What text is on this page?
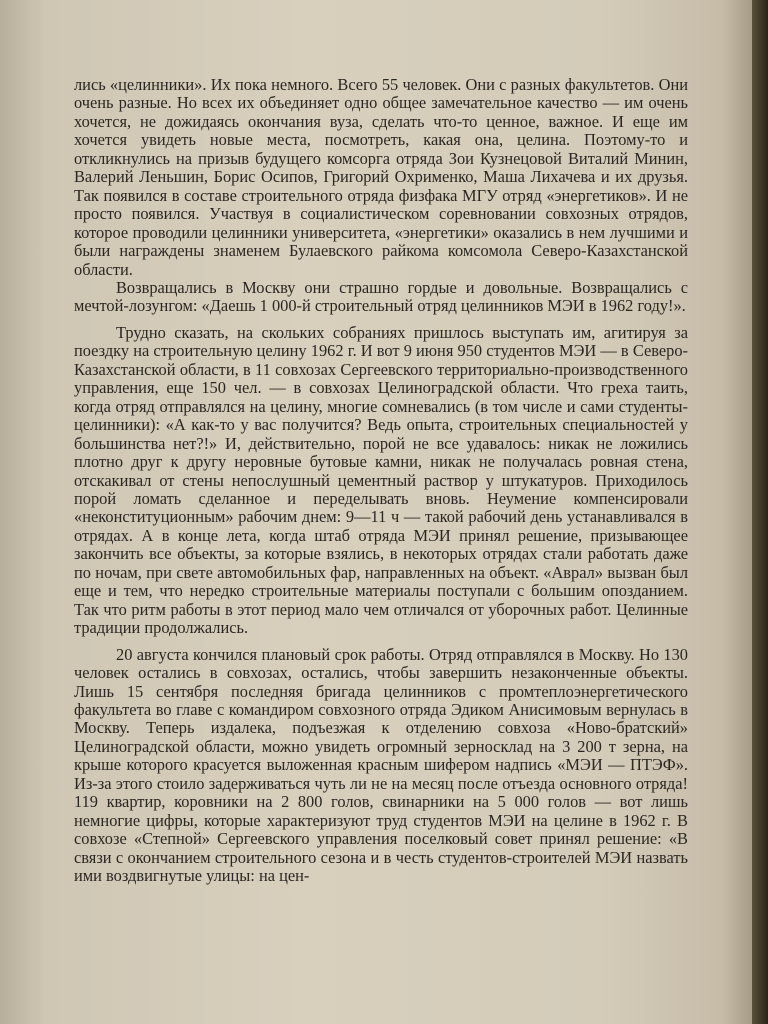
лись «целинники». Их пока немного. Всего 55 человек. Они с разных факультетов. Они очень разные. Но всех их объединяет одно общее замечательное качество — им очень хочется, не дожидаясь окончания вуза, сделать что-то ценное, важное. И еще им хочется увидеть новые места, посмотреть, какая она, целина. Поэтому-то и откликнулись на призыв будущего комсорга отряда Зои Кузнецовой Виталий Минин, Валерий Леньшин, Борис Осипов, Григорий Охрименко, Маша Лихачева и их друзья. Так появился в составе строительного отряда физфака МГУ отряд «энергетиков». И не просто появился. Участвуя в социалистическом соревновании совхозных отрядов, которое проводили целинники университета, «энергетики» оказались в нем лучшими и были награждены знаменем Булаевского райкома комсомола Северо-Казахстанской области.

Возвращались в Москву они страшно гордые и довольные. Возвращались с мечтой-лозунгом: «Даешь 1 000-й строительный отряд целинников МЭИ в 1962 году!».

Трудно сказать, на скольких собраниях пришлось выступать им, агитируя за поездку на строительную целину 1962 г. И вот 9 июня 950 студентов МЭИ — в Северо-Казахстанской области, в 11 совхозах Сергеевского территориально-производственного управления, еще 150 чел. — в совхозах Целиноградской области. Что греха таить, когда отряд отправлялся на целину, многие сомневались (в том числе и сами студенты-целинники): «А как-то у вас получится? Ведь опыта, строительных специальностей у большинства нет?!» И, действительно, порой не все удавалось: никак не ложились плотно друг к другу неровные бутовые камни, никак не получалась ровная стена, отскакивал от стены непослушный цементный раствор у штукатуров. Приходилось порой ломать сделанное и переделывать вновь. Неумение компенсировали «неконституционным» рабочим днем: 9—11 ч — такой рабочий день устанавливался в отрядах. А в конце лета, когда штаб отряда МЭИ принял решение, призывающее закончить все объекты, за которые взялись, в некоторых отрядах стали работать даже по ночам, при свете автомобильных фар, направленных на объект. «Аврал» вызван был еще и тем, что нередко строительные материалы поступали с большим опозданием. Так что ритм работы в этот период мало чем отличался от уборочных работ. Целинные традиции продолжались.

20 августа кончился плановый срок работы. Отряд отправлялся в Москву. Но 130 человек остались в совхозах, остались, чтобы завершить незаконченные объекты. Лишь 15 сентября последняя бригада целинников с промтеплоэнергетического факультета во главе с командиром совхозного отряда Эдиком Анисимовым вернулась в Москву. Теперь издалека, подъезжая к отделению совхоза «Ново-братский» Целиноградской области, можно увидеть огромный зерносклад на 3 200 т зерна, на крыше которого красуется выложенная красным шифером надпись «МЭИ — ПТЭФ». Из-за этого стоило задерживаться чуть ли не на месяц после отъезда основного отряда! 119 квартир, коровники на 2 800 голов, свинарники на 5 000 голов — вот лишь немногие цифры, которые характеризуют труд студентов МЭИ на целине в 1962 г. В совхозе «Степной» Сергеевского управления поселковый совет принял решение: «В связи с окончанием строительного сезона и в честь студентов-строителей МЭИ назвать ими воздвигнутые улицы: на цен-
